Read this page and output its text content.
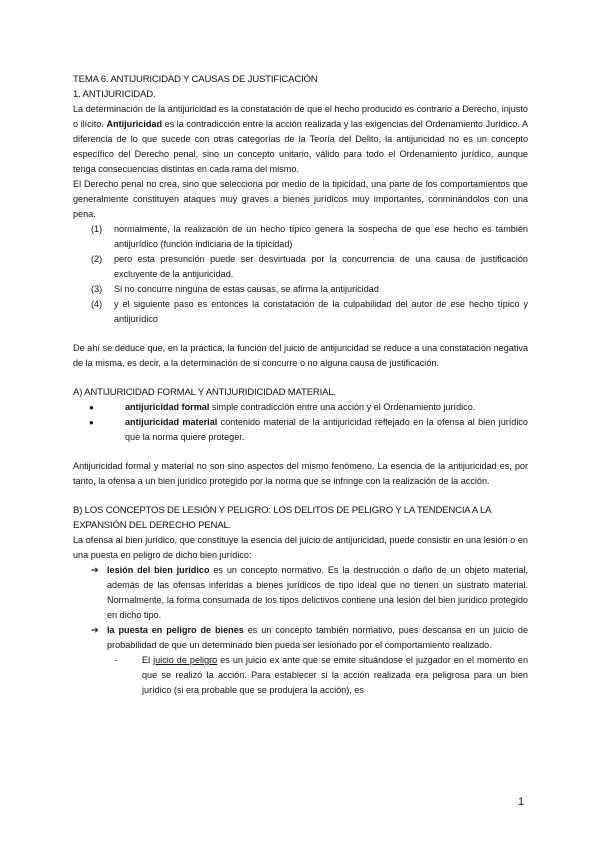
TEMA 6. ANTIJURICIDAD Y CAUSAS DE JUSTIFICACIÓN
1. ANTIJURICIDAD.

La determinación de la antijuricidad es la constatación de que el hecho producido es contrario a Derecho, injusto o ilícito. Antijuricidad es la contradicción entre la acción realizada y las exigencias del Ordenamiento Jurídico. A diferencia de lo que sucede con otras categorías de la Teoría del Delito, la antijuricidad no es un concepto específico del Derecho penal, sino un concepto unitario, válido para todo el Ordenamiento jurídico, aunque tenga consecuencias distintas en cada rama del mismo.

El Derecho penal no crea, sino que selecciona por medio de la tipicidad, una parte de los comportamientos que generalmente constituyen ataques muy graves a bienes jurídicos muy importantes, conminándolos con una pena.

(1) normalmente, la realización de un hecho típico genera la sospecha de que ese hecho es también antijurídico (función indiciaria de la tipicidad)
(2) pero esta presunción puede ser desvirtuada por la concurrencia de una causa de justificación excluyente de la antijuricidad.
(3) Si no concurre ninguna de estas causas, se afirma la antijuricidad
(4) y el siguiente paso es entonces la constatación de la culpabilidad del autor de ese hecho típico y antijurídico

De ahí se deduce que, en la práctica, la función del juicio de antijuricidad se reduce a una constatación negativa de la misma, es decir, a la determinación de si concurre o no alguna causa de justificación.

A) ANTIJURICIDAD FORMAL Y ANTIJURIDICIDAD MATERIAL.
●	antijuricidad formal simple contradicción entre una acción y el Ordenamiento jurídico.
●	antijuricidad material contenido material de la antijuricidad reflejado en la ofensa al bien jurídico que la norma quiere proteger.

Antijuricidad formal y material no son sino aspectos del mismo fenómeno. La esencia de la antijuricidad es, por tanto, la ofensa a un bien jurídico protegido por la norma que se infringe con la realización de la acción.

B) LOS CONCEPTOS DE LESIÓN Y PELIGRO: LOS DELITOS DE PELIGRO Y LA TENDENCIA A LA EXPANSIÓN DEL DERECHO PENAL.

La ofensa al bien jurídico, que constituye la esencia del juicio de antijuricidad, puede consistir en una lesión o en una puesta en peligro de dicho bien jurídico:

➔ lesión del bien jurídico es un concepto normativo. Es la destrucción o daño de un objeto material, además de las ofensas inferidas a bienes jurídicos de tipo ideal que no tienen un sustrato material. Normalmente, la forma consumada de los tipos delictivos contiene una lesión del bien jurídico protegido en dicho tipo.
➔ la puesta en peligro de bienes es un concepto también normativo, pues descansa en un juicio de probabilidad de que un determinado bien pueda ser lesionado por el comportamiento realizado.
-	El juicio de peligro es un juicio ex ante que se emite situándose el juzgador en el momento en que se realizó la acción. Para establecer si la acción realizada era peligrosa para un bien jurídico (si era probable que se produjera la acción), es
1
